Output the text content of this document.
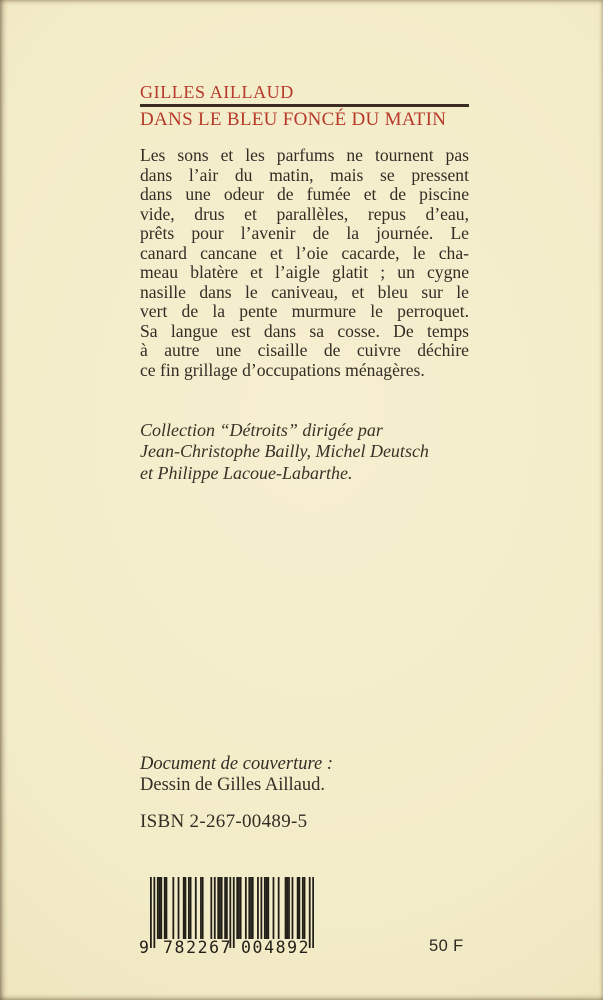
GILLES AILLAUD
DANS LE BLEU FONCÉ DU MATIN
Les sons et les parfums ne tournent pas
dans l’air du matin, mais se pressent
dans une odeur de fumée et de piscine
vide, drus et parallèles, repus d’eau,
prêts pour l’avenir de la journée. Le
canard cancane et l’oie cacarde, le cha-
meau blatère et l’aigle glatit ; un cygne
nasille dans le caniveau, et bleu sur le
vert de la pente murmure le perroquet.
Sa langue est dans sa cosse. De temps
à autre une cisaille de cuivre déchire
ce fin grillage d’occupations ménagères.
Collection “Détroits” dirigée par
Jean-Christophe Bailly, Michel Deutsch
et Philippe Lacoue-Labarthe.
Document de couverture :
Dessin de Gilles Aillaud.
ISBN 2-267-00489-5
9 782267 004892	50 F
